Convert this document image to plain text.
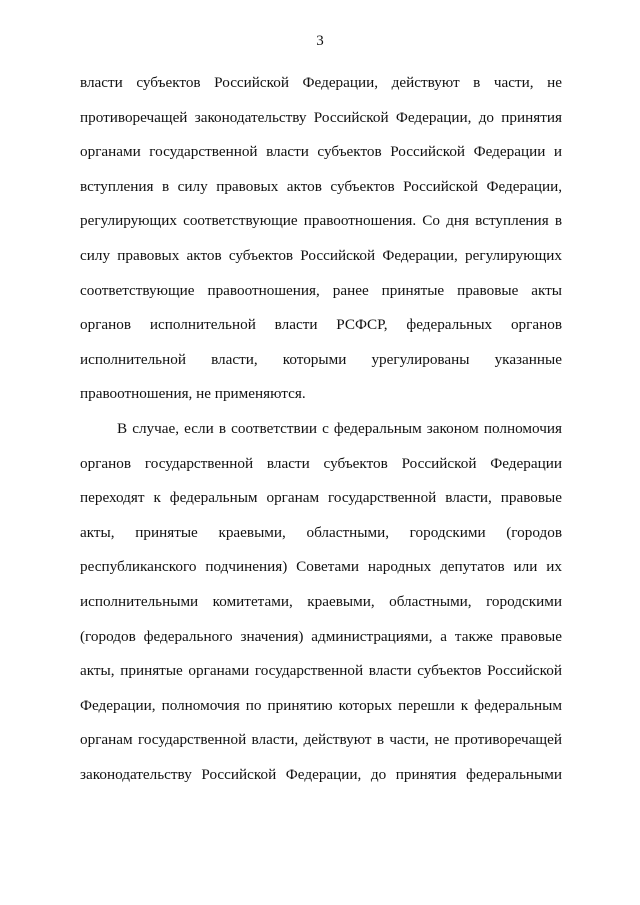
3
власти субъектов Российской Федерации, действуют в части, не
противоречащей законодательству Российской Федерации, до принятия
органами государственной власти субъектов Российской Федерации и
вступления в силу правовых актов субъектов Российской Федерации,
регулирующих соответствующие правоотношения. Со дня вступления в
силу правовых актов субъектов Российской Федерации, регулирующих
соответствующие правоотношения, ранее принятые правовые акты
органов исполнительной власти РСФСР, федеральных органов
исполнительной власти, которыми урегулированы указанные
правоотношения, не применяются.
В случае, если в соответствии с федеральным законом полномочия
органов государственной власти субъектов Российской Федерации
переходят к федеральным органам государственной власти, правовые
акты, принятые краевыми, областными, городскими (городов
республиканского подчинения) Советами народных депутатов или их
исполнительными комитетами, краевыми, областными, городскими
(городов федерального значения) администрациями, а также правовые
акты, принятые органами государственной власти субъектов Российской
Федерации, полномочия по принятию которых перешли к федеральным
органам государственной власти, действуют в части, не противоречащей
законодательству Российской Федерации, до принятия федеральными
